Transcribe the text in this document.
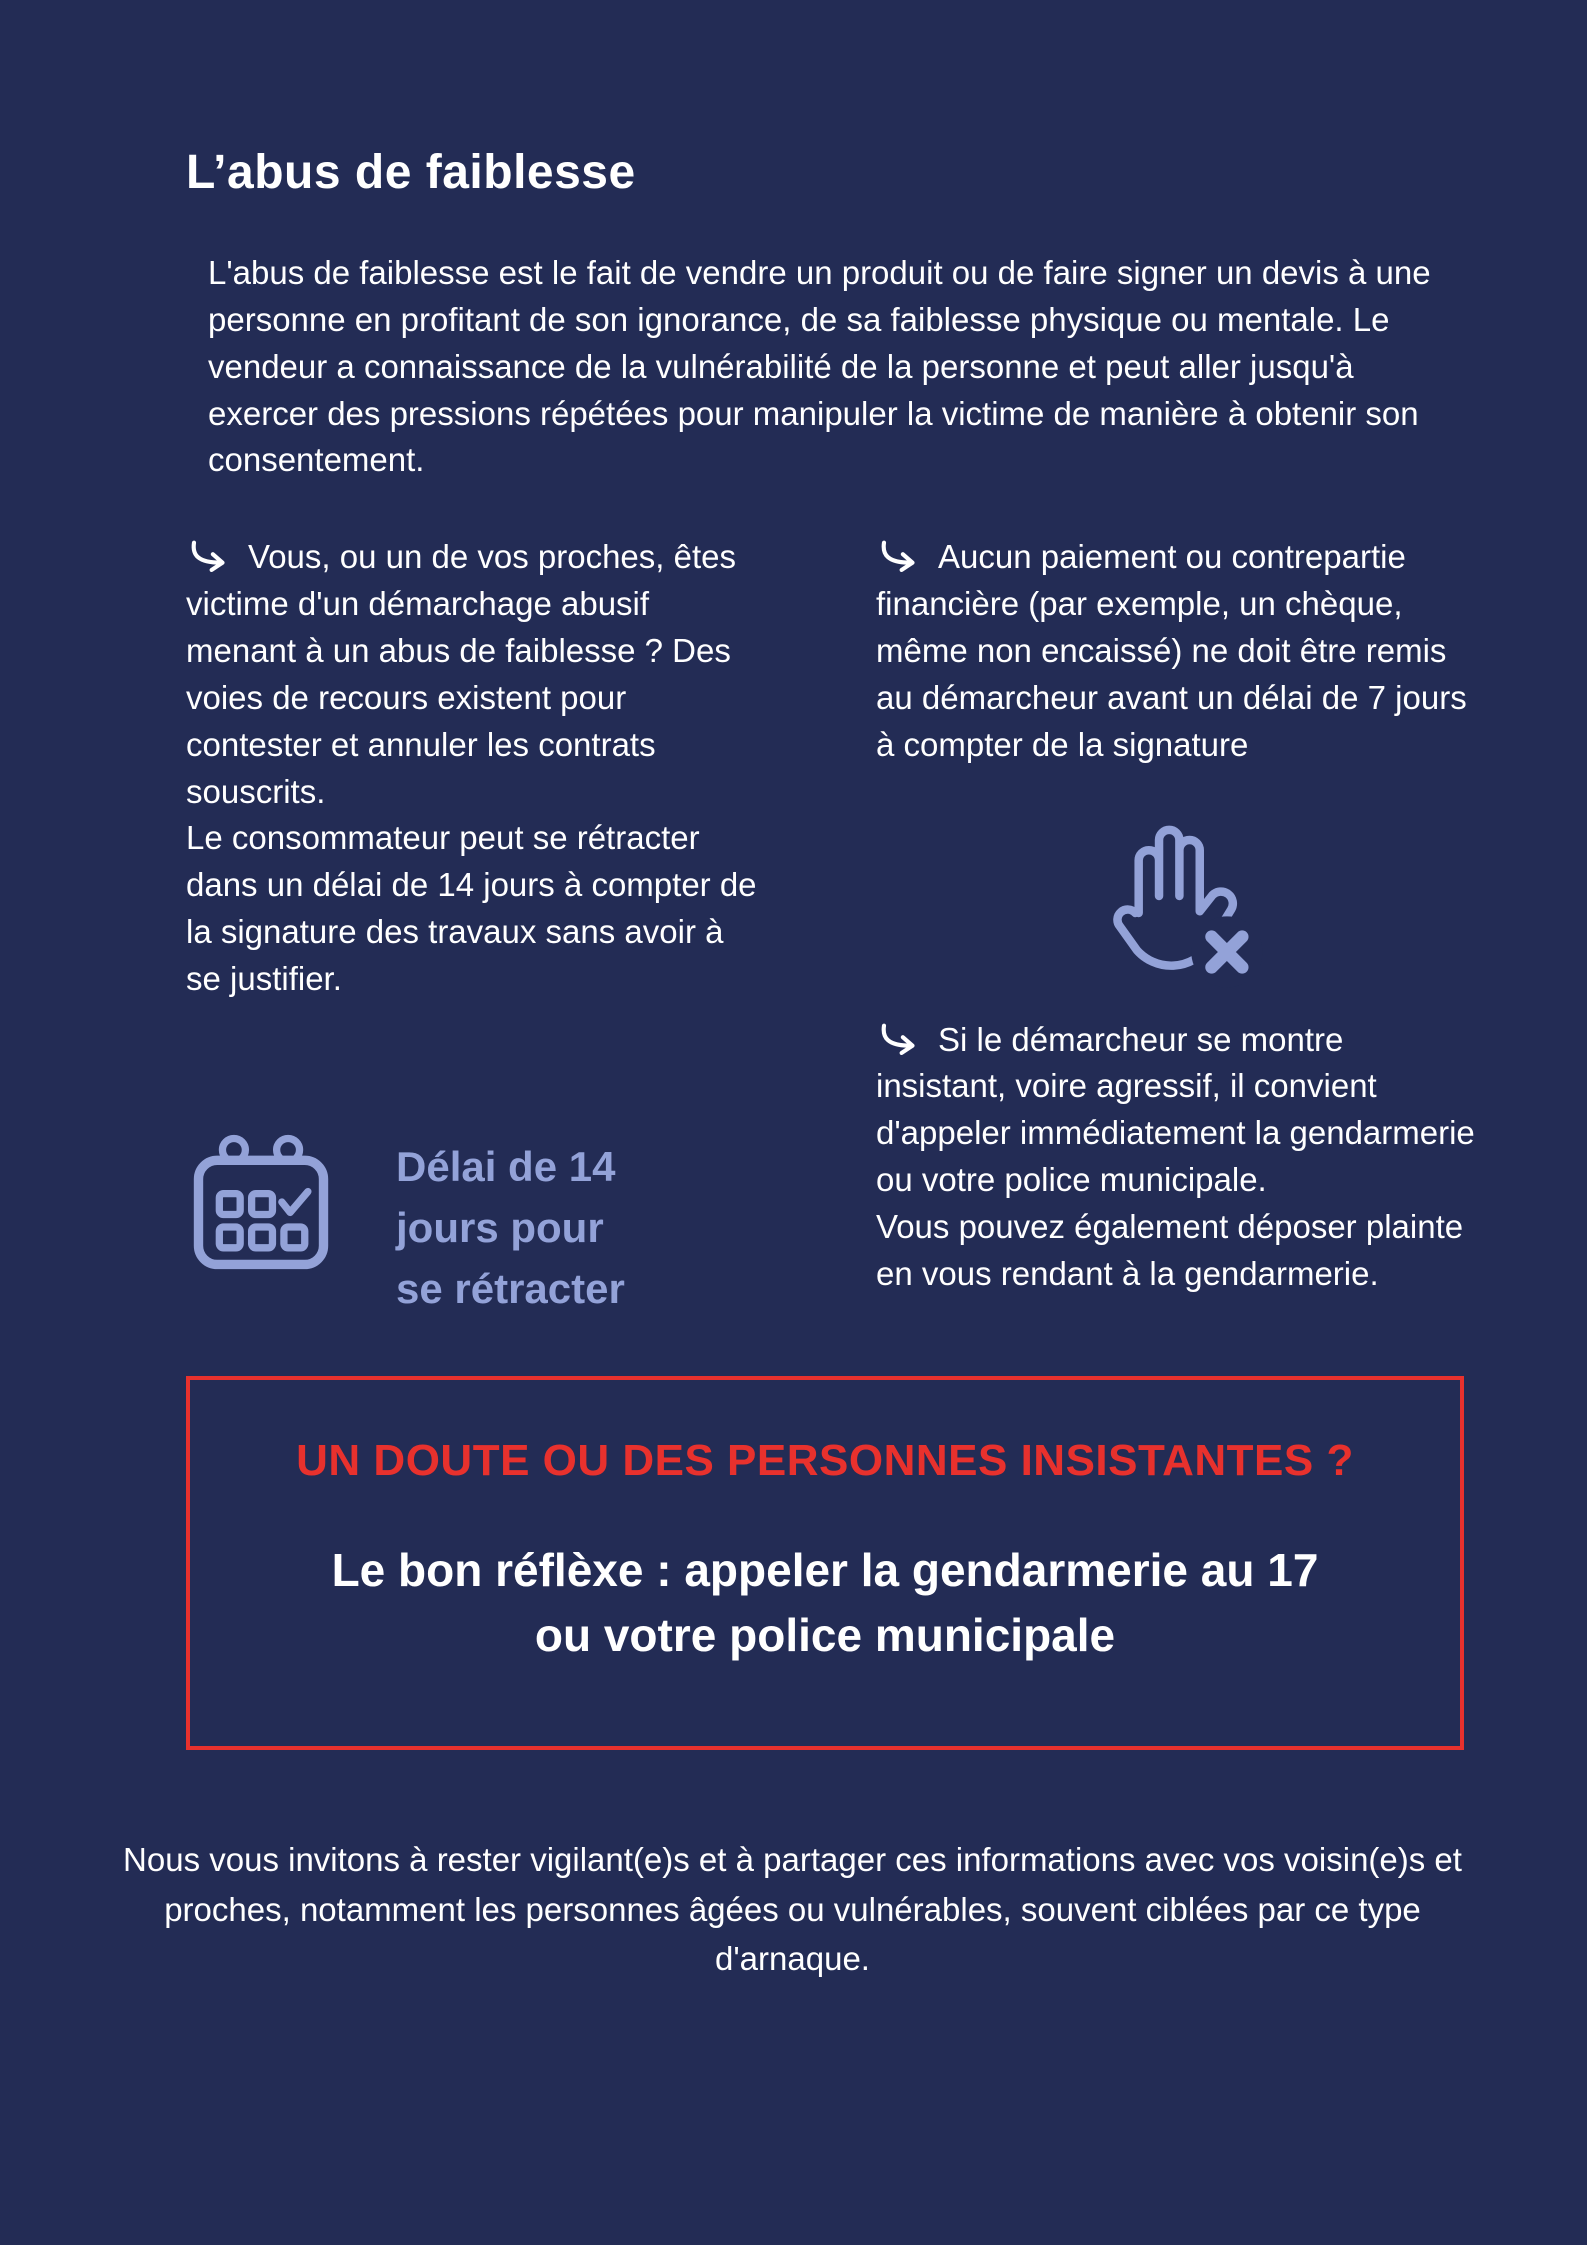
L’abus de faiblesse

L'abus de faiblesse est le fait de vendre un produit ou de faire signer un devis à une personne en profitant de son ignorance, de sa faiblesse physique ou mentale. Le vendeur a connaissance de la vulnérabilité de la personne et peut aller jusqu'à exercer des pressions répétées pour manipuler la victime de manière à obtenir son consentement.

Vous, ou un de vos proches, êtes victime d'un démarchage abusif menant à un abus de faiblesse ? Des voies de recours existent pour contester et annuler les contrats souscrits.

Le consommateur peut se rétracter dans un délai de 14 jours à compter de la signature des travaux sans avoir à se justifier.

Délai de 14
jours pour
se rétracter

Aucun paiement ou contrepartie financière (par exemple, un chèque, même non encaissé) ne doit être remis au démarcheur avant un délai de 7 jours à compter de la signature

Si le démarcheur se montre insistant, voire agressif, il convient d'appeler immédiatement la gendarmerie ou votre police municipale.

Vous pouvez également déposer plainte en vous rendant à la gendarmerie.

UN DOUTE OU DES PERSONNES INSISTANTES ?
Le bon réflèxe : appeler la gendarmerie au 17
ou votre police municipale

Nous vous invitons à rester vigilant(e)s et à partager ces informations avec vos voisin(e)s et proches, notamment les personnes âgées ou vulnérables, souvent ciblées par ce type d'arnaque.
